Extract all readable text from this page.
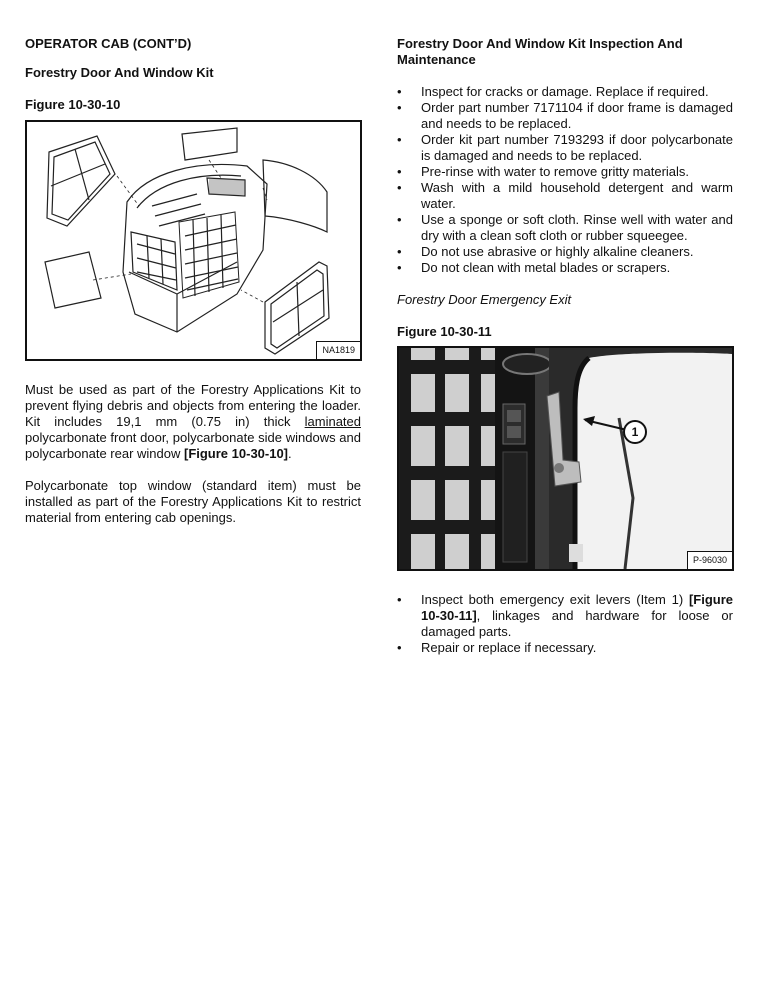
OPERATOR CAB (CONT’D)
Forestry Door And Window Kit
Figure 10-30-10
NA1819

Must be used as part of the Forestry Applications Kit to prevent flying debris and objects from entering the loader. Kit includes 19,1 mm (0.75 in) thick laminated polycarbonate front door, polycarbonate side windows and polycarbonate rear window [Figure 10-30-10].

Polycarbonate top window (standard item) must be installed as part of the Forestry Applications Kit to restrict material from entering cab openings.

Forestry Door And Window Kit Inspection And Maintenance
• Inspect for cracks or damage. Replace if required.
• Order part number 7171104 if door frame is damaged and needs to be replaced.
• Order kit part number 7193293 if door polycarbonate is damaged and needs to be replaced.
• Pre-rinse with water to remove gritty materials.
• Wash with a mild household detergent and warm water.
• Use a sponge or soft cloth. Rinse well with water and dry with a clean soft cloth or rubber squeegee.
• Do not use abrasive or highly alkaline cleaners.
• Do not clean with metal blades or scrapers.
Forestry Door Emergency Exit
Figure 10-30-11
1
P-96030
• Inspect both emergency exit levers (Item 1) [Figure 10-30-11], linkages and hardware for loose or damaged parts.
• Repair or replace if necessary.
